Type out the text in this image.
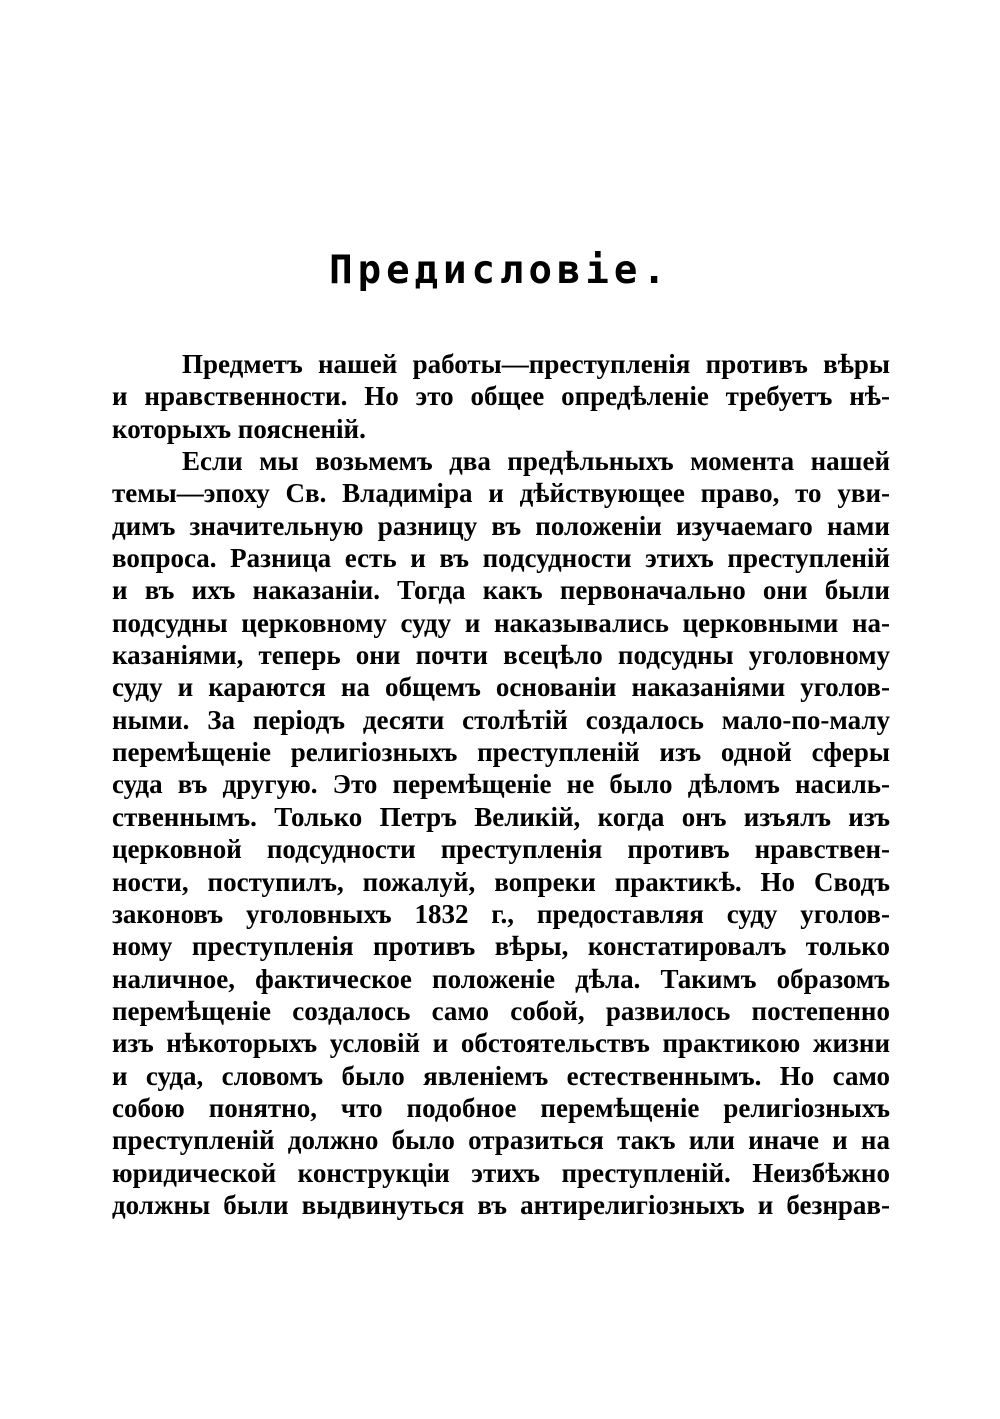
Предисловіе.
Предметъ нашей работы—преступленія противъ вѣры
и нравственности. Но это общее опредѣленіе требуетъ нѣ-
которыхъ поясненій.
Если мы возьмемъ два предѣльныхъ момента нашей
темы—эпоху Св. Владиміра и дѣйствующее право, то уви-
димъ значительную разницу въ положеніи изучаемаго нами
вопроса. Разница есть и въ подсудности этихъ преступленій
и въ ихъ наказаніи. Тогда какъ первоначально они были
подсудны церковному суду и наказывались церковными на-
казаніями, теперь они почти всецѣло подсудны уголовному
суду и караются на общемъ основаніи наказаніями уголов-
ными. За періодъ десяти столѣтій создалось мало-по-малу
перемѣщеніе религіозныхъ преступленій изъ одной сферы
суда въ другую. Это перемѣщеніе не было дѣломъ насиль-
ственнымъ. Только Петръ Великій, когда онъ изъялъ изъ
церковной подсудности преступленія противъ нравствен-
ности, поступилъ, пожалуй, вопреки практикѣ. Но Сводъ
законовъ уголовныхъ 1832 г., предоставляя суду уголов-
ному преступленія противъ вѣры, констатировалъ только
наличное, фактическое положеніе дѣла. Такимъ образомъ
перемѣщеніе создалось само собой, развилось постепенно
изъ нѣкоторыхъ условій и обстоятельствъ практикою жизни
и суда, словомъ было явленіемъ естественнымъ. Но само
собою понятно, что подобное перемѣщеніе религіозныхъ
преступленій должно было отразиться такъ или иначе и на
юридической конструкціи этихъ преступленій. Неизбѣжно
должны были выдвинуться въ антирелигіозныхъ и безнрав-
